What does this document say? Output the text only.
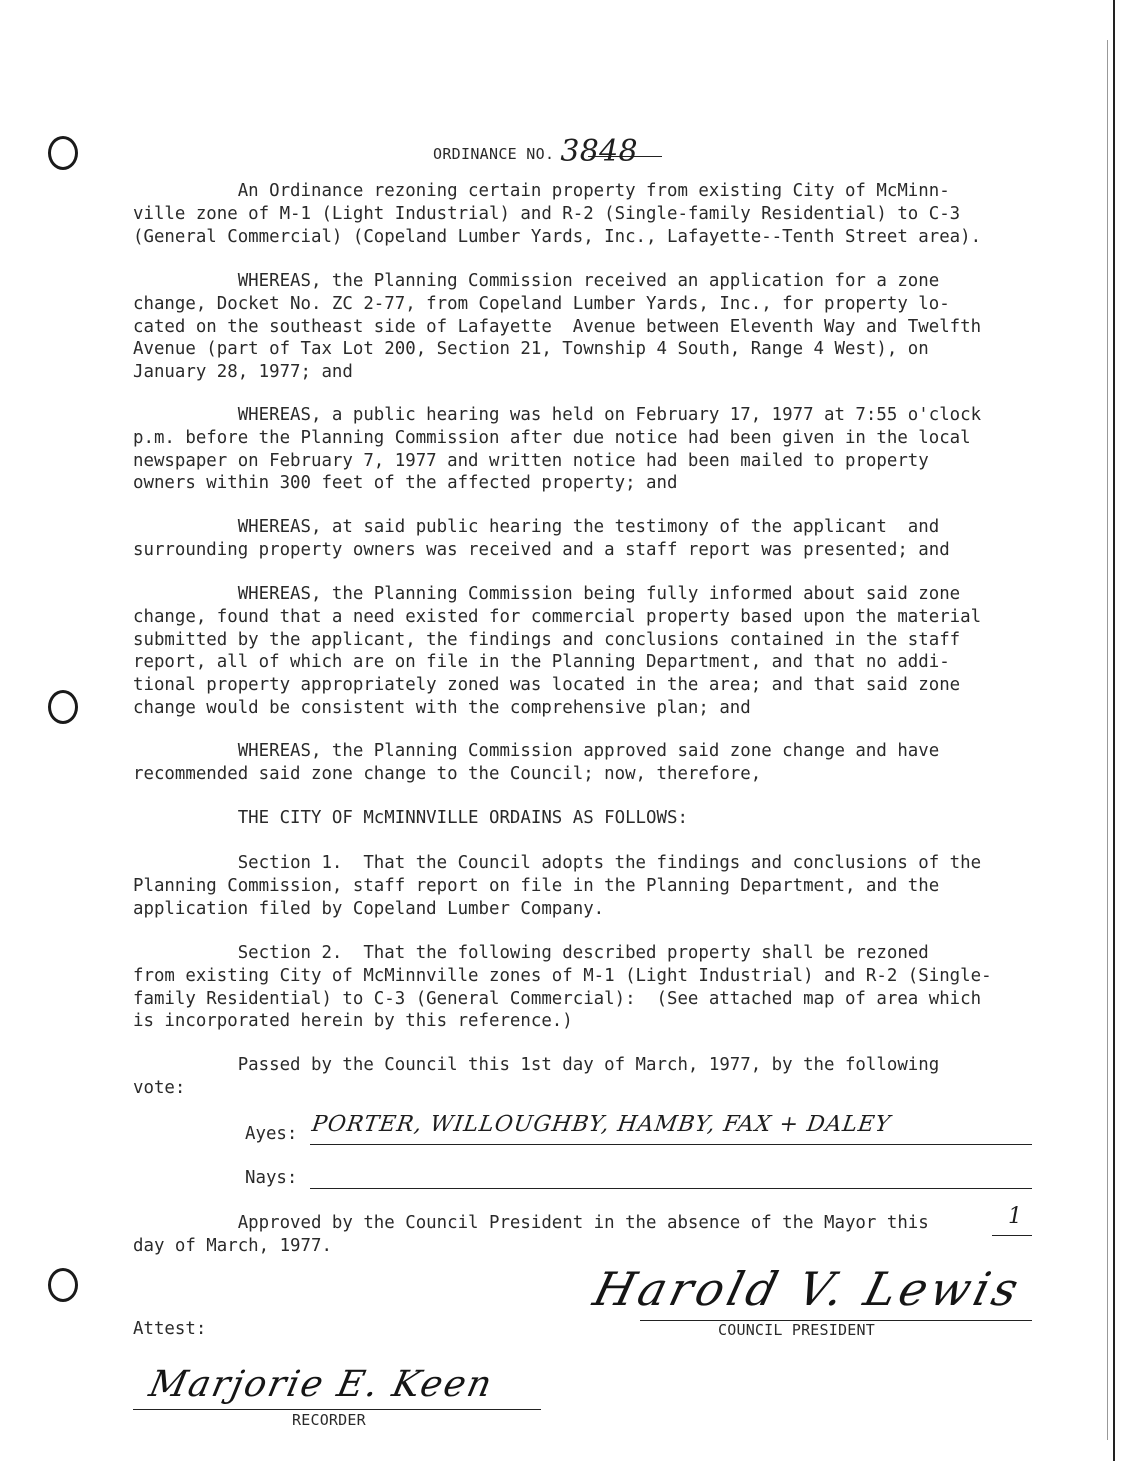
ORDINANCE NO. 3848
An Ordinance rezoning certain property from existing City of McMinn-
ville zone of M-1 (Light Industrial) and R-2 (Single-family Residential) to C-3
(General Commercial) (Copeland Lumber Yards, Inc., Lafayette--Tenth Street area).
WHEREAS, the Planning Commission received an application for a zone
change, Docket No. ZC 2-77, from Copeland Lumber Yards, Inc., for property lo-
cated on the southeast side of Lafayette  Avenue between Eleventh Way and Twelfth
Avenue (part of Tax Lot 200, Section 21, Township 4 South, Range 4 West), on
January 28, 1977; and
WHEREAS, a public hearing was held on February 17, 1977 at 7:55 o'clock
p.m. before the Planning Commission after due notice had been given in the local
newspaper on February 7, 1977 and written notice had been mailed to property
owners within 300 feet of the affected property; and
WHEREAS, at said public hearing the testimony of the applicant  and
surrounding property owners was received and a staff report was presented; and
WHEREAS, the Planning Commission being fully informed about said zone
change, found that a need existed for commercial property based upon the material
submitted by the applicant, the findings and conclusions contained in the staff
report, all of which are on file in the Planning Department, and that no addi-
tional property appropriately zoned was located in the area; and that said zone
change would be consistent with the comprehensive plan; and
WHEREAS, the Planning Commission approved said zone change and have
recommended said zone change to the Council; now, therefore,
THE CITY OF McMINNVILLE ORDAINS AS FOLLOWS:
Section 1.  That the Council adopts the findings and conclusions of the
Planning Commission, staff report on file in the Planning Department, and the
application filed by Copeland Lumber Company.
Section 2.  That the following described property shall be rezoned
from existing City of McMinnville zones of M-1 (Light Industrial) and R-2 (Single-
family Residential) to C-3 (General Commercial):  (See attached map of area which
is incorporated herein by this reference.)
Passed by the Council this 1st day of March, 1977, by the following
vote:
Ayes: PORTER, WILLOUGHBY, HAMBY, FAX + DALEY
Nays:
Approved by the Council President in the absence of the Mayor this	1
day of March, 1977.
Harold V. Lewis
COUNCIL PRESIDENT
Attest:
Marjorie E. Keen
RECORDER
